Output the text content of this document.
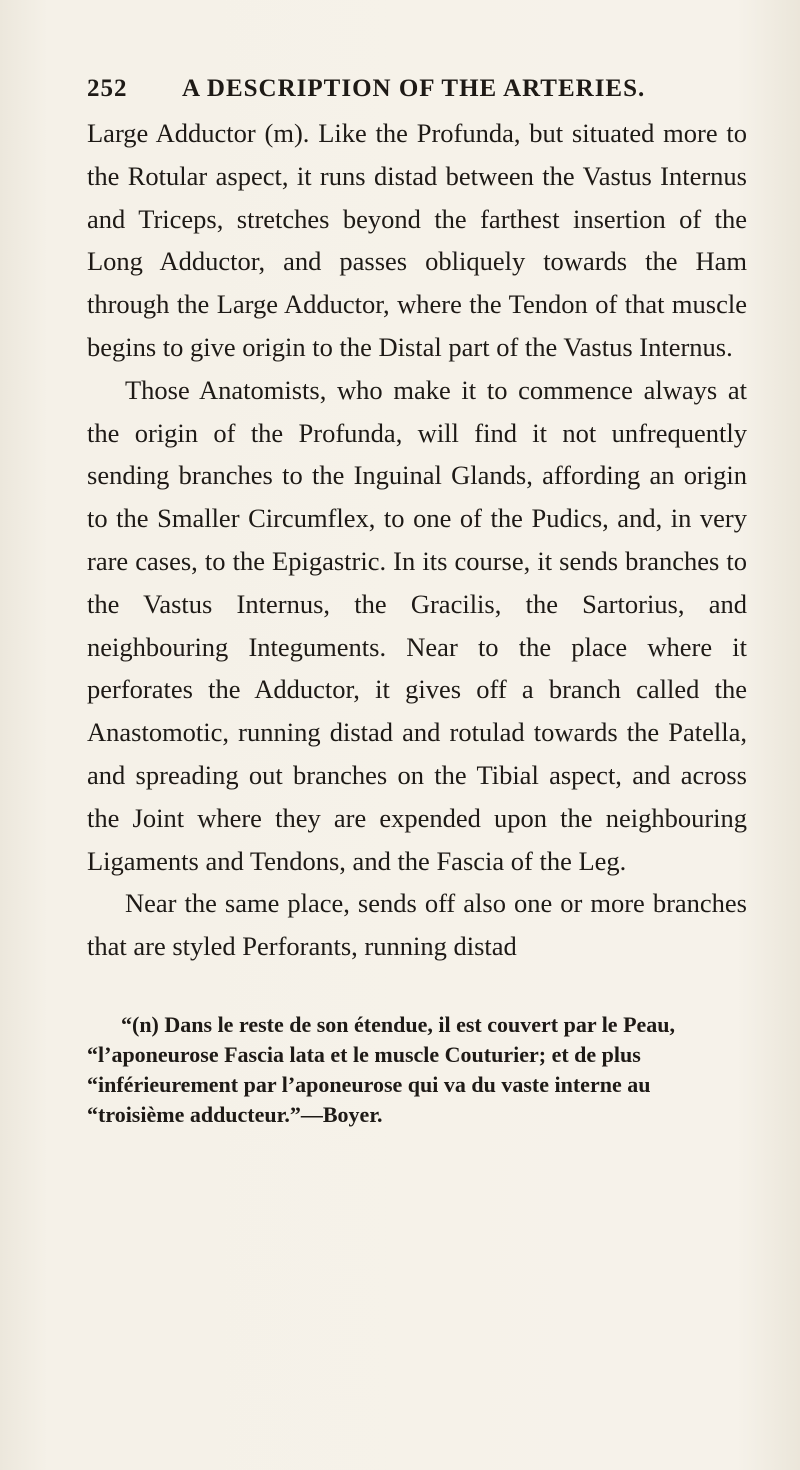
252 A DESCRIPTION OF THE ARTERIES.

Large Adductor (m). Like the Profunda, but situated more to the Rotular aspect, it runs distad between the Vastus Internus and Triceps, stretches beyond the farthest insertion of the Long Adductor, and passes obliquely towards the Ham through the Large Adductor, where the Tendon of that muscle begins to give origin to the Distal part of the Vastus Internus.

Those Anatomists, who make it to commence always at the origin of the Profunda, will find it not unfrequently sending branches to the Inguinal Glands, affording an origin to the Smaller Circumflex, to one of the Pudics, and, in very rare cases, to the Epigastric. In its course, it sends branches to the Vastus Internus, the Gracilis, the Sartorius, and neighbouring Integuments. Near to the place where it perforates the Adductor, it gives off a branch called the Anastomotic, running distad and rotulad towards the Patella, and spreading out branches on the Tibial aspect, and across the Joint where they are expended upon the neighbouring Ligaments and Tendons, and the Fascia of the Leg.

Near the same place, sends off also one or more branches that are styled Perforants, running distad

“(n) Dans le reste de son étendue, il est couvert par le Peau, “l’aponeurose Fascia lata et le muscle Couturier; et de plus “inférieurement par l’aponeurose qui va du vaste interne au “troisième adducteur.”—Boyer.
